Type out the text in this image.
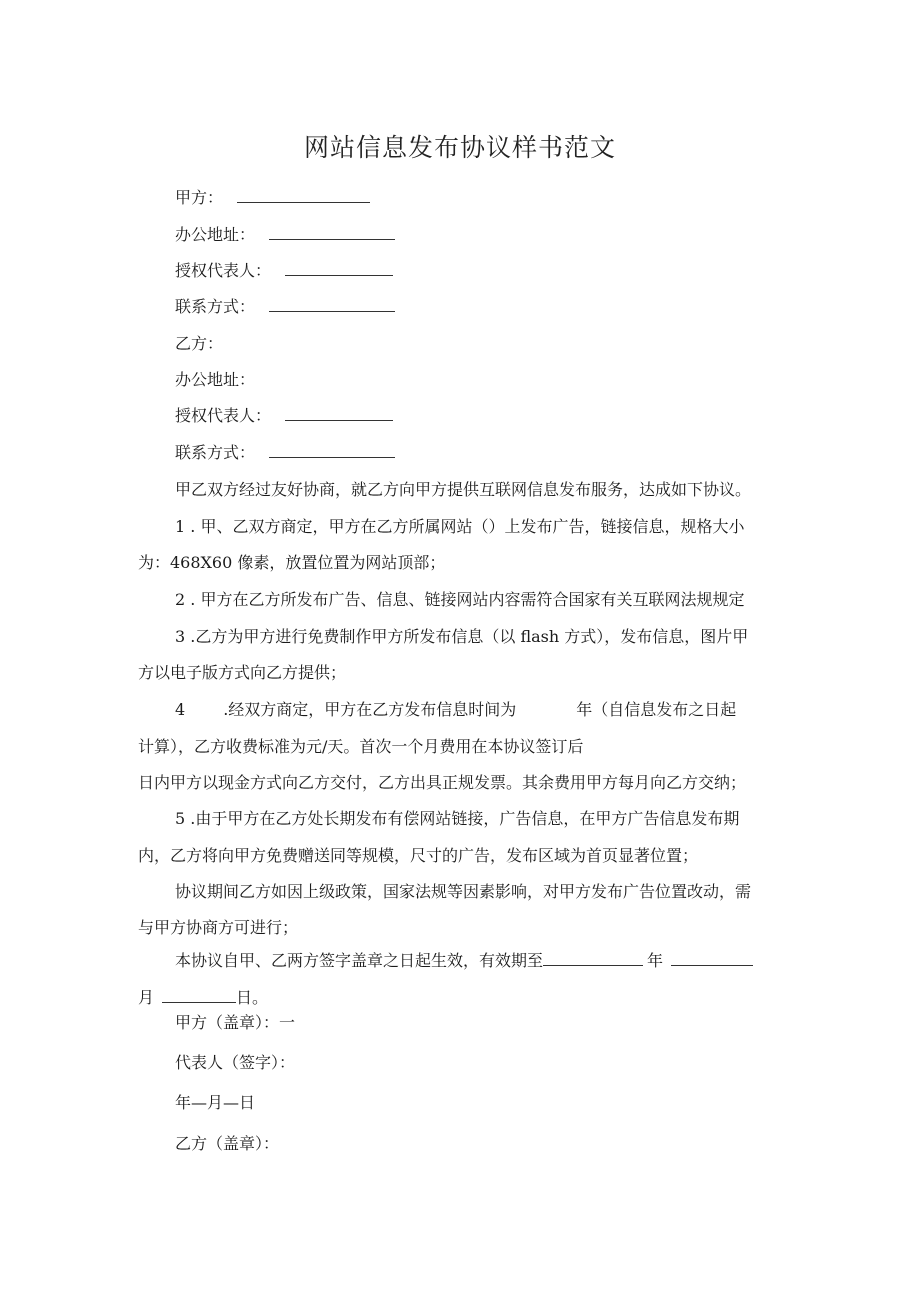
网站信息发布协议样书范文
甲方：
办公地址：
授权代表人：
联系方式：
乙方：
办公地址：
授权代表人：
联系方式：
甲乙双方经过友好协商，就乙方向甲方提供互联网信息发布服务，达成如下协议。
1 . 甲、乙双方商定，甲方在乙方所属网站（）上发布广告，链接信息，规格大小
为：468X60 像素，放置位置为网站顶部；
2 . 甲方在乙方所发布广告、信息、链接网站内容需符合国家有关互联网法规规定
3 .乙方为甲方进行免费制作甲方所发布信息（以 flash 方式），发布信息，图片甲
方以电子版方式向乙方提供；
4 .经双方商定，甲方在乙方发布信息时间为	年（自信息发布之日起
计算），乙方收费标准为元/天。首次一个月费用在本协议签订后
日内甲方以现金方式向乙方交付，乙方出具正规发票。其余费用甲方每月向乙方交纳；
5 .由于甲方在乙方处长期发布有偿网站链接，广告信息，在甲方广告信息发布期
内，乙方将向甲方免费赠送同等规模，尺寸的广告，发布区域为首页显著位置；
协议期间乙方如因上级政策，国家法规等因素影响，对甲方发布广告位置改动，需
与甲方协商方可进行；
本协议自甲、乙两方签字盖章之日起生效，有效期至	年
月	日。
甲方（盖章）：一
代表人（签字）：
年—月—日
乙方（盖章）：
